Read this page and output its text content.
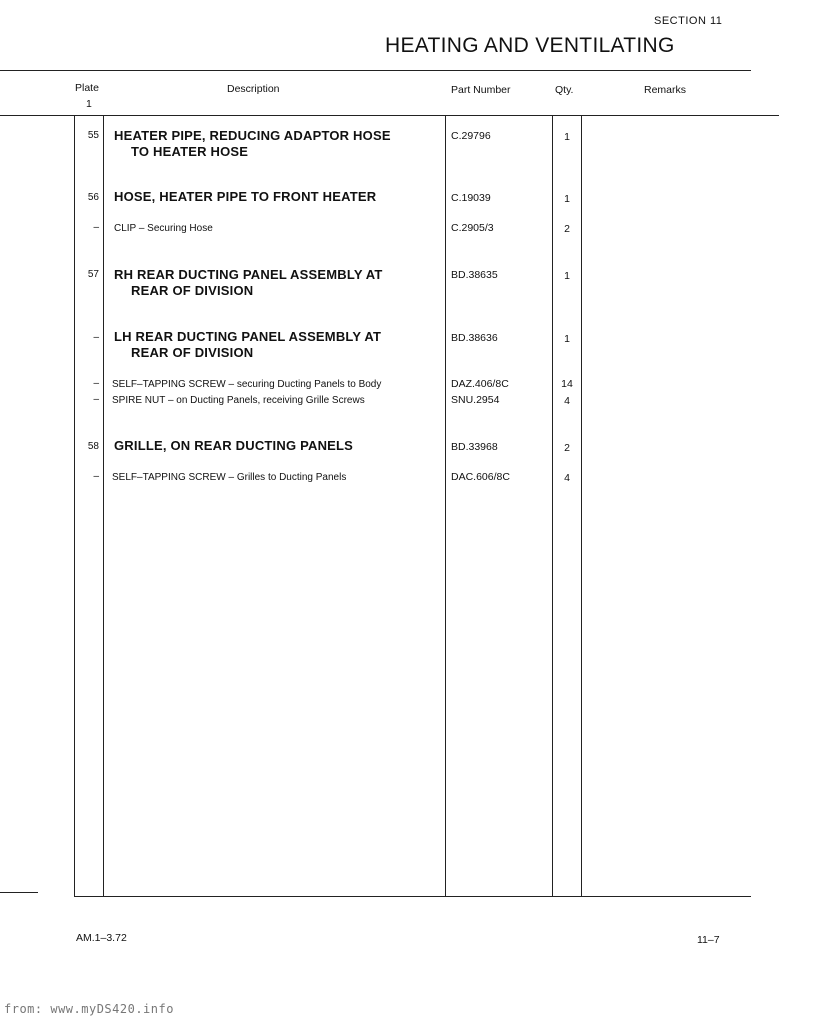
SECTION 11
HEATING AND VENTILATING
Plate
1
Description	Part Number	Qty.	Remarks
55 HEATER PIPE, REDUCING ADAPTOR HOSE
TO HEATER HOSE
C.29796	1
56 HOSE, HEATER PIPE TO FRONT HEATER	C.19039	1
– CLIP – Securing Hose	C.2905/3	2
57 RH REAR DUCTING PANEL ASSEMBLY AT
REAR OF DIVISION
BD.38635	1
– LH REAR DUCTING PANEL ASSEMBLY AT
REAR OF DIVISION
BD.38636	1
– SELF–TAPPING SCREW – securing Ducting Panels to Body	DAZ.406/8C	14
– SPIRE NUT – on Ducting Panels, receiving Grille Screws	SNU.2954	4
58 GRILLE, ON REAR DUCTING PANELS	BD.33968	2
– SELF–TAPPING SCREW – Grilles to Ducting Panels	DAC.606/8C	4
AM.1–3.72	11–7
from: www.myDS420.info
